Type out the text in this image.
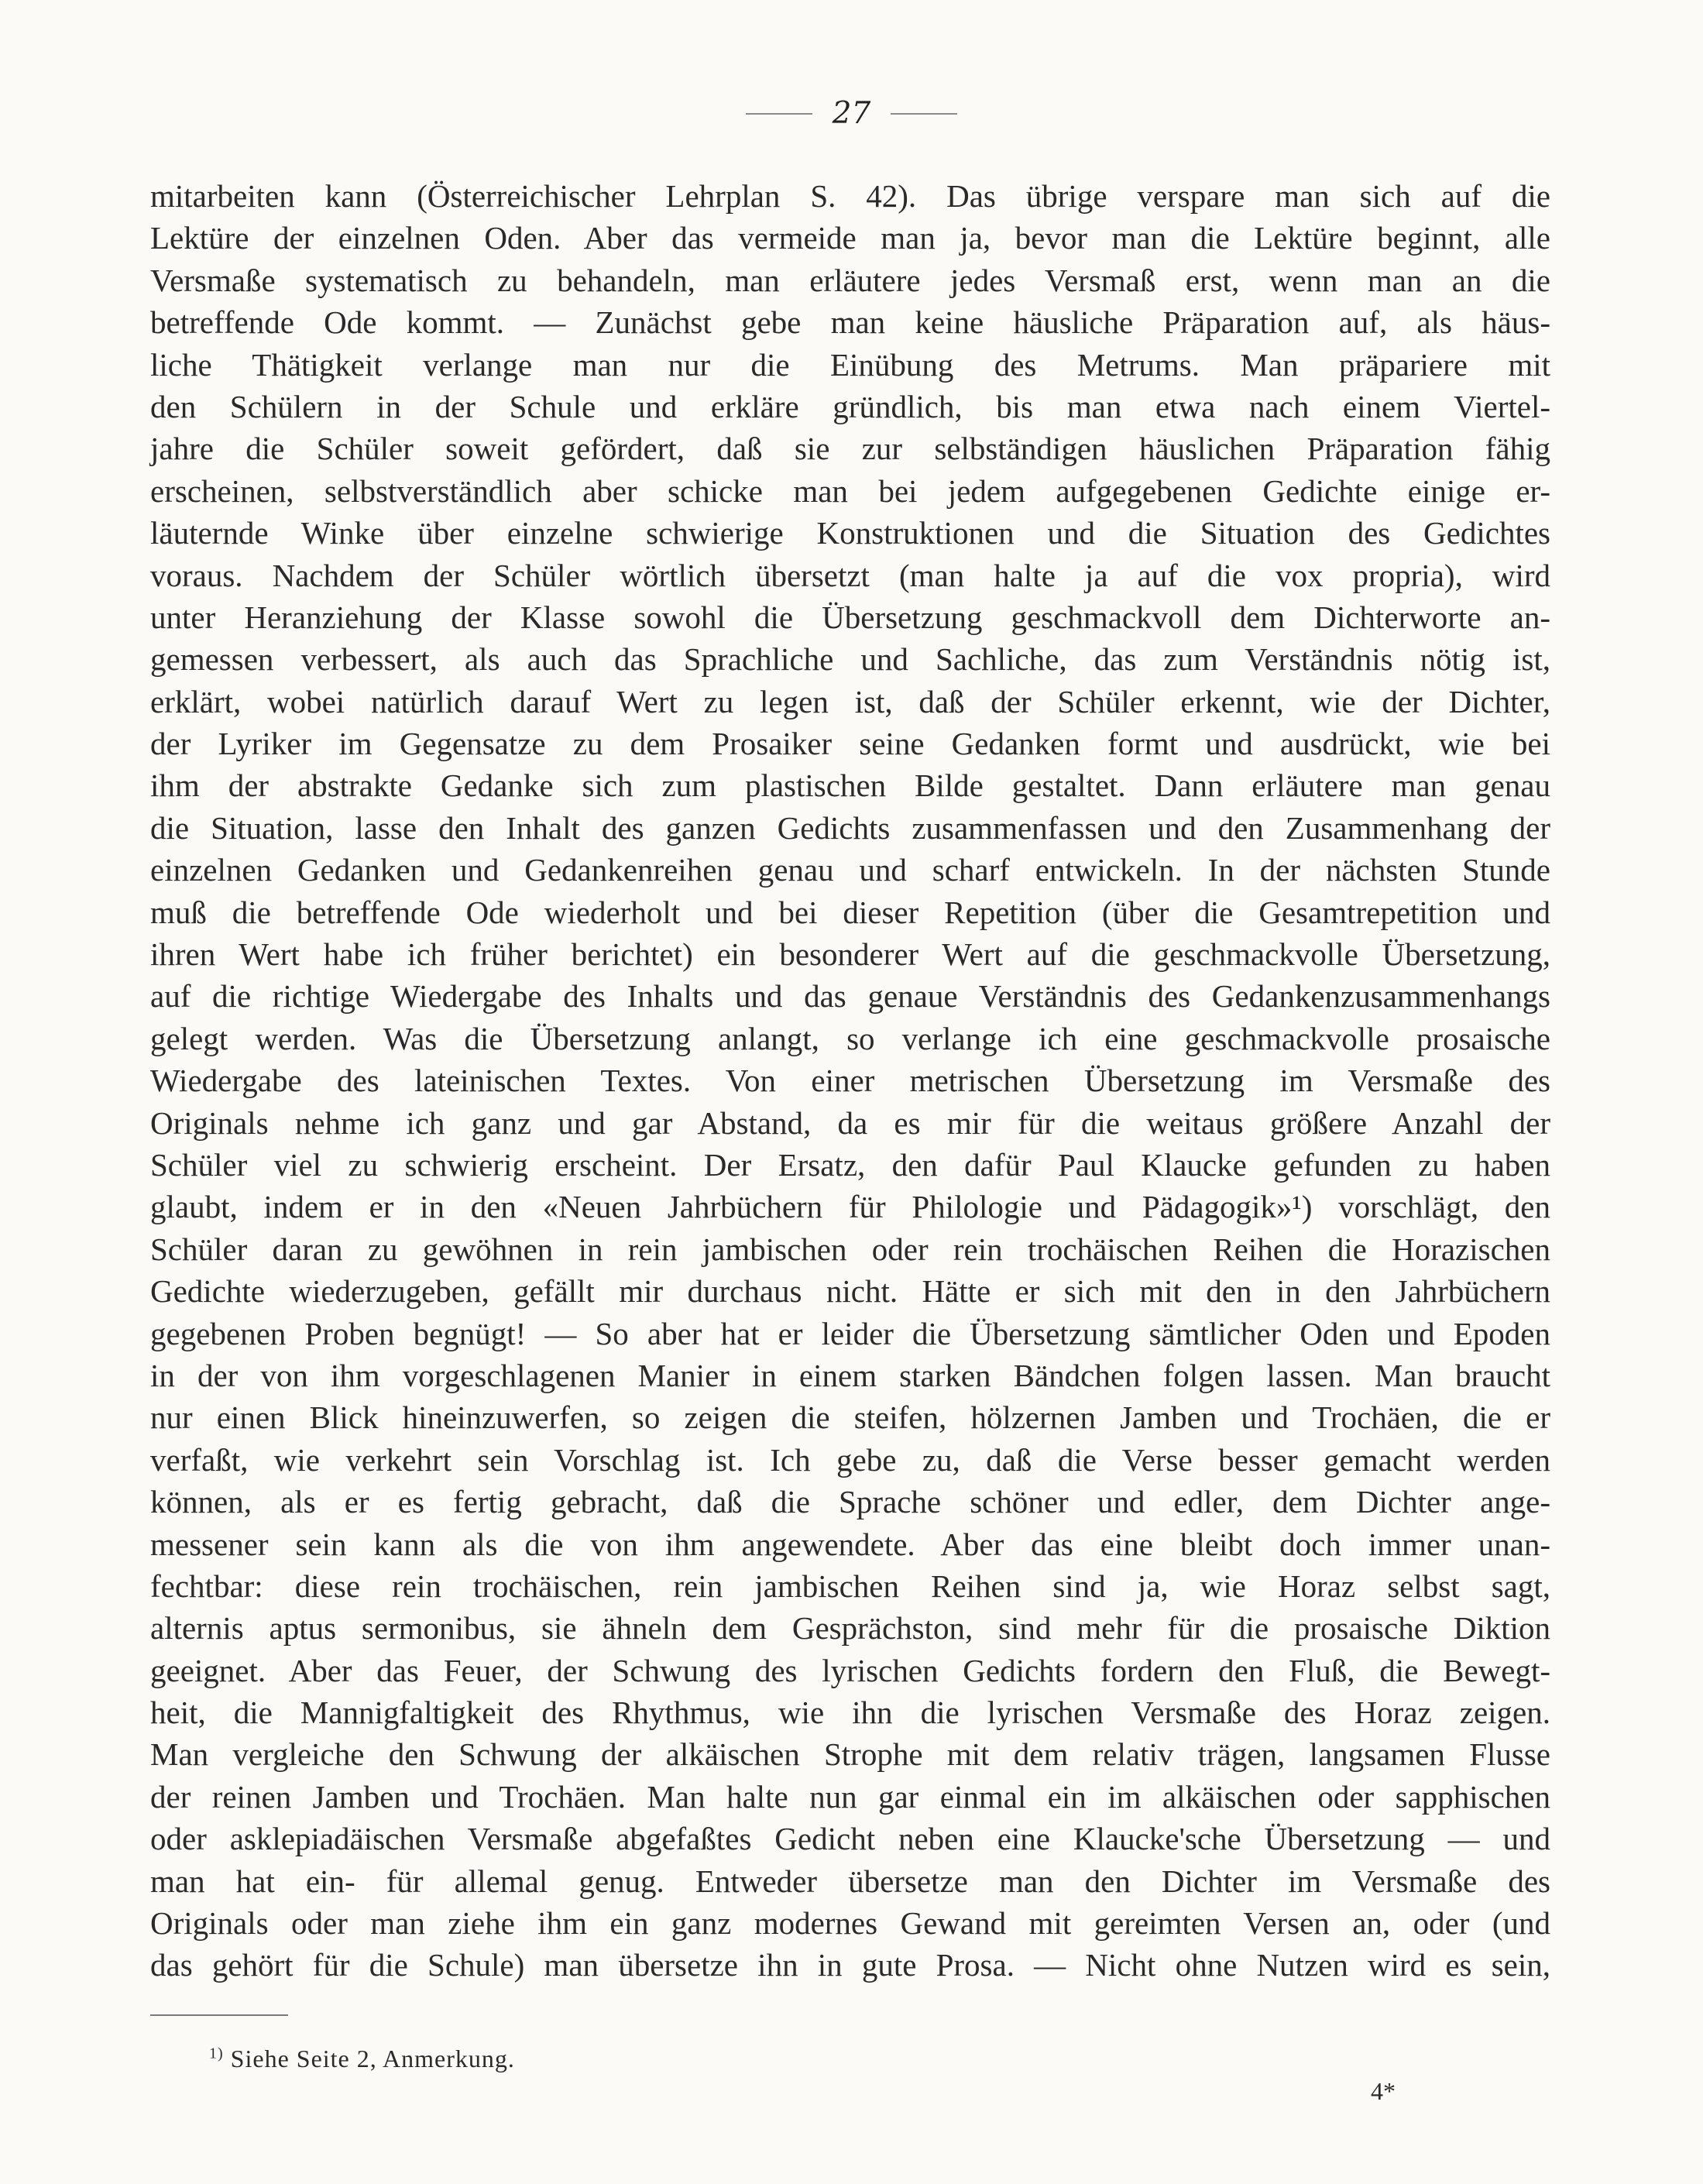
27
mitarbeiten kann (Österreichischer Lehrplan S. 42). Das übrige verspare man sich auf die
Lektüre der einzelnen Oden. Aber das vermeide man ja, bevor man die Lektüre beginnt, alle
Versmaße systematisch zu behandeln, man erläutere jedes Versmaß erst, wenn man an die
betreffende Ode kommt. — Zunächst gebe man keine häusliche Präparation auf, als häus-
liche Thätigkeit verlange man nur die Einübung des Metrums. Man präpariere mit
den Schülern in der Schule und erkläre gründlich, bis man etwa nach einem Viertel-
jahre die Schüler soweit gefördert, daß sie zur selbständigen häuslichen Präparation fähig
erscheinen, selbstverständlich aber schicke man bei jedem aufgegebenen Gedichte einige er-
läuternde Winke über einzelne schwierige Konstruktionen und die Situation des Gedichtes
voraus. Nachdem der Schüler wörtlich übersetzt (man halte ja auf die vox propria), wird
unter Heranziehung der Klasse sowohl die Übersetzung geschmackvoll dem Dichterworte an-
gemessen verbessert, als auch das Sprachliche und Sachliche, das zum Verständnis nötig ist,
erklärt, wobei natürlich darauf Wert zu legen ist, daß der Schüler erkennt, wie der Dichter,
der Lyriker im Gegensatze zu dem Prosaiker seine Gedanken formt und ausdrückt, wie bei
ihm der abstrakte Gedanke sich zum plastischen Bilde gestaltet. Dann erläutere man genau
die Situation, lasse den Inhalt des ganzen Gedichts zusammenfassen und den Zusammenhang der
einzelnen Gedanken und Gedankenreihen genau und scharf entwickeln. In der nächsten Stunde
muß die betreffende Ode wiederholt und bei dieser Repetition (über die Gesamtrepetition und
ihren Wert habe ich früher berichtet) ein besonderer Wert auf die geschmackvolle Übersetzung,
auf die richtige Wiedergabe des Inhalts und das genaue Verständnis des Gedankenzusammenhangs
gelegt werden. Was die Übersetzung anlangt, so verlange ich eine geschmackvolle prosaische
Wiedergabe des lateinischen Textes. Von einer metrischen Übersetzung im Versmaße des
Originals nehme ich ganz und gar Abstand, da es mir für die weitaus größere Anzahl der
Schüler viel zu schwierig erscheint. Der Ersatz, den dafür Paul Klaucke gefunden zu haben
glaubt, indem er in den «Neuen Jahrbüchern für Philologie und Pädagogik»¹) vorschlägt, den
Schüler daran zu gewöhnen in rein jambischen oder rein trochäischen Reihen die Horazischen
Gedichte wiederzugeben, gefällt mir durchaus nicht. Hätte er sich mit den in den Jahrbüchern
gegebenen Proben begnügt! — So aber hat er leider die Übersetzung sämtlicher Oden und Epoden
in der von ihm vorgeschlagenen Manier in einem starken Bändchen folgen lassen. Man braucht
nur einen Blick hineinzuwerfen, so zeigen die steifen, hölzernen Jamben und Trochäen, die er
verfaßt, wie verkehrt sein Vorschlag ist. Ich gebe zu, daß die Verse besser gemacht werden
können, als er es fertig gebracht, daß die Sprache schöner und edler, dem Dichter ange-
messener sein kann als die von ihm angewendete. Aber das eine bleibt doch immer unan-
fechtbar: diese rein trochäischen, rein jambischen Reihen sind ja, wie Horaz selbst sagt,
alternis aptus sermonibus, sie ähneln dem Gesprächston, sind mehr für die prosaische Diktion
geeignet. Aber das Feuer, der Schwung des lyrischen Gedichts fordern den Fluß, die Bewegt-
heit, die Mannigfaltigkeit des Rhythmus, wie ihn die lyrischen Versmaße des Horaz zeigen.
Man vergleiche den Schwung der alkäischen Strophe mit dem relativ trägen, langsamen Flusse
der reinen Jamben und Trochäen. Man halte nun gar einmal ein im alkäischen oder sapphischen
oder asklepiadäischen Versmaße abgefaßtes Gedicht neben eine Klaucke'sche Übersetzung — und
man hat ein- für allemal genug. Entweder übersetze man den Dichter im Versmaße des
Originals oder man ziehe ihm ein ganz modernes Gewand mit gereimten Versen an, oder (und
das gehört für die Schule) man übersetze ihn in gute Prosa. — Nicht ohne Nutzen wird es sein,
$^{1)}$ Siehe Seite 2, Anmerkung.
4*
